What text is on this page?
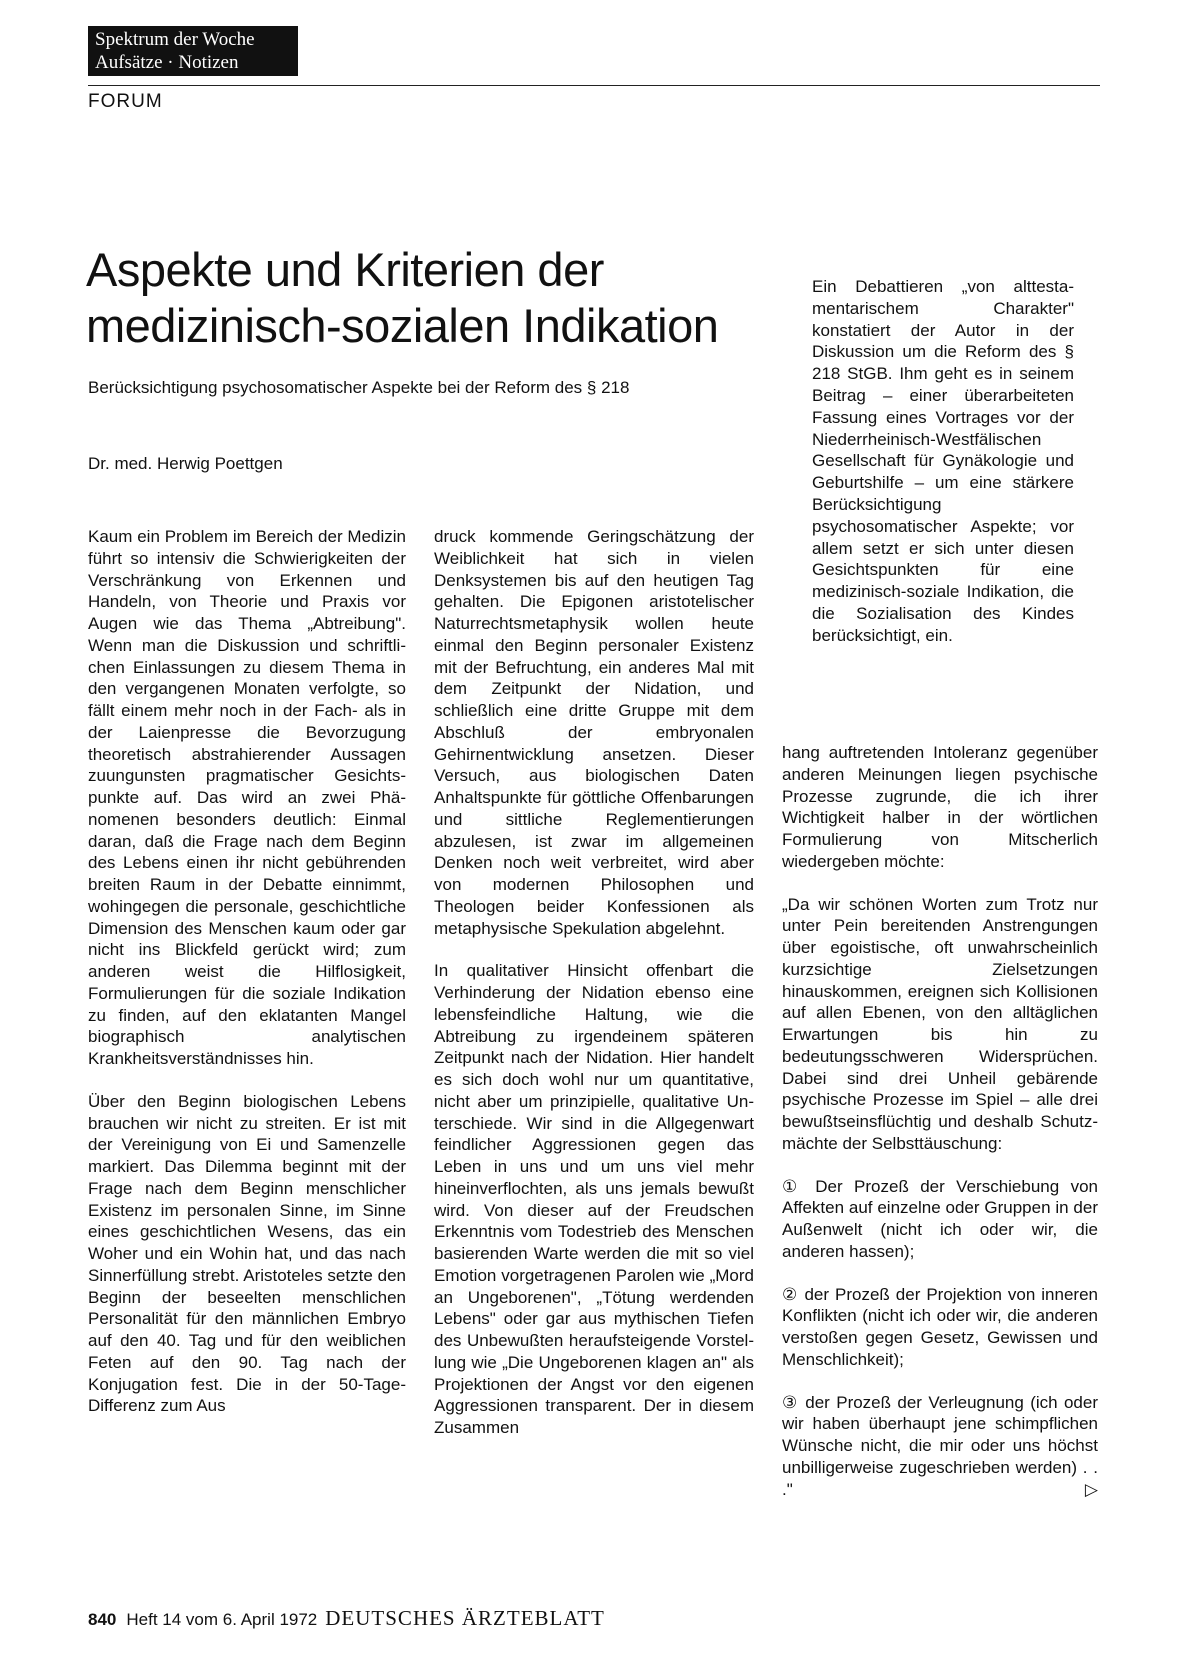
Spektrum der Woche
Aufsätze · Notizen
FORUM
Aspekte und Kriterien der medizinisch-sozialen Indikation
Berücksichtigung psychosomatischer Aspekte bei der Reform des § 218
Dr. med. Herwig Poettgen
Ein Debattieren „von alttestamentarischem Charakter" konstatiert der Autor in der Diskussion um die Reform des § 218 StGB. Ihm geht es in seinem Beitrag – einer überarbeiteten Fassung eines Vortrages vor der Niederrheinisch-Westfälischen Gesellschaft für Gynäkologie und Geburtshilfe – um eine stärkere Berücksichtigung psychosomatischer Aspekte; vor allem setzt er sich unter diesen Gesichtspunkten für eine medizinisch-soziale Indikation, die die Sozialisation des Kindes berücksichtigt, ein.

Kaum ein Problem im Bereich der Medizin führt so intensiv die Schwierigkeiten der Verschränkung von Erkennen und Handeln, von Theorie und Praxis vor Augen wie das Thema „Abtreibung". Wenn man die Diskussion und schriftlichen Einlassungen zu diesem Thema in den vergangenen Monaten verfolgte, so fällt einem mehr noch in der Fach- als in der Laienpresse die Bevorzugung theoretisch abstrahierender Aussagen zuungunsten pragmatischer Gesichtspunkte auf. Das wird an zwei Phänomenen besonders deutlich: Einmal daran, daß die Frage nach dem Beginn des Lebens einen ihr nicht gebührenden breiten Raum in der Debatte einnimmt, wohingegen die personale, geschichtliche Dimension des Menschen kaum oder gar nicht ins Blickfeld gerückt wird; zum anderen weist die Hilflosigkeit, Formulierungen für die soziale Indikation zu finden, auf den eklatanten Mangel biographisch analytischen Krankheitsverständnisses hin.

Über den Beginn biologischen Lebens brauchen wir nicht zu streiten. Er ist mit der Vereinigung von Ei und Samenzelle markiert. Das Dilemma beginnt mit der Frage nach dem Beginn menschlicher Existenz im personalen Sinne, im Sinne eines geschichtlichen Wesens, das ein Woher und ein Wohin hat, und das nach Sinnerfüllung strebt. Aristoteles setzte den Beginn der beseelten menschlichen Personalität für den männlichen Embryo auf den 40. Tag und für den weiblichen Feten auf den 90. Tag nach der Konjugation fest. Die in der 50-Tage-Differenz zum Aus

druck kommende Geringschätzung der Weiblichkeit hat sich in vielen Denksystemen bis auf den heutigen Tag gehalten. Die Epigonen aristotelischer Naturrechtsmetaphysik wollen heute einmal den Beginn personaler Existenz mit der Befruchtung, ein anderes Mal mit dem Zeitpunkt der Nidation, und schließlich eine dritte Gruppe mit dem Abschluß der embryonalen Gehirnentwicklung ansetzen. Dieser Versuch, aus biologischen Daten Anhaltspunkte für göttliche Offenbarungen und sittliche Reglementierungen abzulesen, ist zwar im allgemeinen Denken noch weit verbreitet, wird aber von modernen Philosophen und Theologen beider Konfessionen als metaphysische Spekulation abgelehnt.

In qualitativer Hinsicht offenbart die Verhinderung der Nidation ebenso eine lebensfeindliche Haltung, wie die Abtreibung zu irgendeinem späteren Zeitpunkt nach der Nidation. Hier handelt es sich doch wohl nur um quantitative, nicht aber um prinzipielle, qualitative Unterschiede. Wir sind in die Allgegenwart feindlicher Aggressionen gegen das Leben in uns und um uns viel mehr hineinverflochten, als uns jemals bewußt wird. Von dieser auf der Freudschen Erkenntnis vom Todestrieb des Menschen basierenden Warte werden die mit so viel Emotion vorgetragenen Parolen wie „Mord an Ungeborenen", „Tötung werdenden Lebens" oder gar aus mythischen Tiefen des Unbewußten heraufsteigende Vorstellung wie „Die Ungeborenen klagen an" als Projektionen der Angst vor den eigenen Aggressionen transparent. Der in diesem Zusammen

hang auftretenden Intoleranz gegenüber anderen Meinungen liegen psychische Prozesse zugrunde, die ich ihrer Wichtigkeit halber in der wörtlichen Formulierung von Mitscherlich wiedergeben möchte:

„Da wir schönen Worten zum Trotz nur unter Pein bereitenden Anstrengungen über egoistische, oft unwahrscheinlich kurzsichtige Zielsetzungen hinauskommen, ereignen sich Kollisionen auf allen Ebenen, von den alltäglichen Erwartungen bis hin zu bedeutungsschweren Widersprüchen. Dabei sind drei Unheil gebärende psychische Prozesse im Spiel – alle drei bewußtseinsflüchtig und deshalb Schutzmächte der Selbsttäuschung:

① Der Prozeß der Verschiebung von Affekten auf einzelne oder Gruppen in der Außenwelt (nicht ich oder wir, die anderen hassen);

② der Prozeß der Projektion von inneren Konflikten (nicht ich oder wir, die anderen verstoßen gegen Gesetz, Gewissen und Menschlichkeit);

③ der Prozeß der Verleugnung (ich oder wir haben überhaupt jene schimpflichen Wünsche nicht, die mir oder uns höchst unbilligerweise zugeschrieben werden) . . ."	▷

840 Heft 14 vom 6. April 1972 DEUTSCHES ÄRZTEBLATT
